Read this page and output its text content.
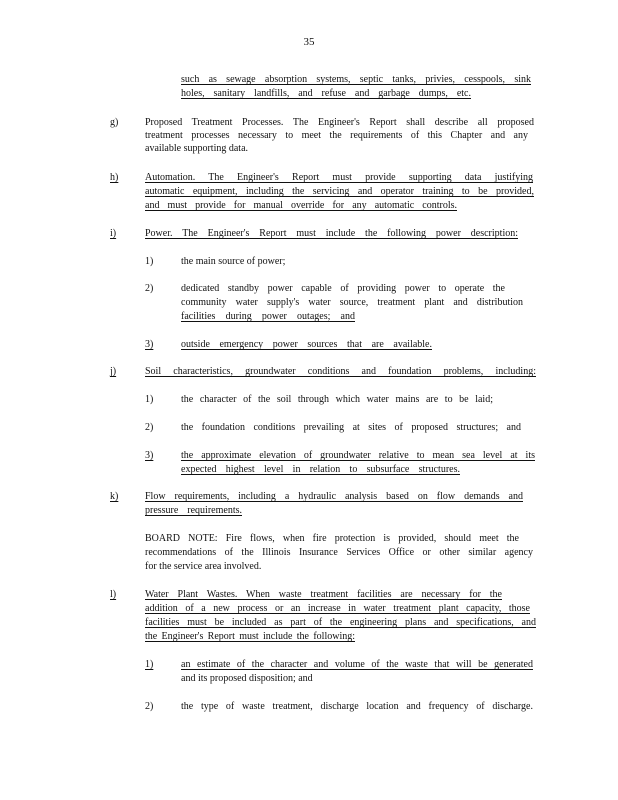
35
such as sewage absorption systems, septic tanks, privies, cesspools, sink
holes, sanitary landfills, and refuse and garbage dumps, etc.
g)	Proposed Treatment Processes. The Engineer's Report shall describe all proposed
treatment processes necessary to meet the requirements of this Chapter and any
available supporting data.
h)	Automation. The Engineer's Report must provide supporting data justifying
automatic equipment, including the servicing and operator training to be provided,
and must provide for manual override for any automatic controls.
i)	Power. The Engineer's Report must include the following power description:
1)	the main source of power;
2)	dedicated standby power capable of providing power to operate the
community water supply's water source, treatment plant and distribution
facilities during power outages; and
3)	outside emergency power sources that are available.
j)	Soil characteristics, groundwater conditions and foundation problems, including:
1)	the character of the soil through which water mains are to be laid;
2)	the foundation conditions prevailing at sites of proposed structures; and
3)	the approximate elevation of groundwater relative to mean sea level at its
expected highest level in relation to subsurface structures.
k)	Flow requirements, including a hydraulic analysis based on flow demands and
pressure requirements.
BOARD NOTE: Fire flows, when fire protection is provided, should meet the
recommendations of the Illinois Insurance Services Office or other similar agency
for the service area involved.
l)	Water Plant Wastes. When waste treatment facilities are necessary for the
addition of a new process or an increase in water treatment plant capacity, those
facilities must be included as part of the engineering plans and specifications, and
the Engineer's Report must include the following:
1)	an estimate of the character and volume of the waste that will be generated
and its proposed disposition; and
2)	the type of waste treatment, discharge location and frequency of discharge.
